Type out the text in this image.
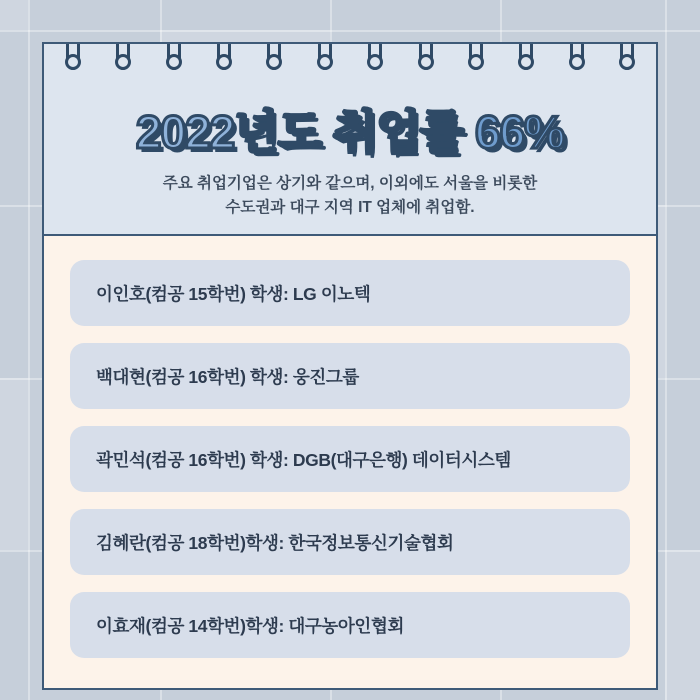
2022년도 취업률 66%
주요 취업기업은 상기와 같으며, 이외에도 서울을 비롯한
수도권과 대구 지역 IT 업체에 취업함.
이인호(컴공 15학번) 학생: LG 이노텍
백대현(컴공 16학번) 학생: 웅진그룹
곽민석(컴공 16학번) 학생: DGB(대구은행) 데이터시스템
김혜란(컴공 18학번)학생: 한국정보통신기술협회
이효재(컴공 14학번)학생: 대구농아인협회
